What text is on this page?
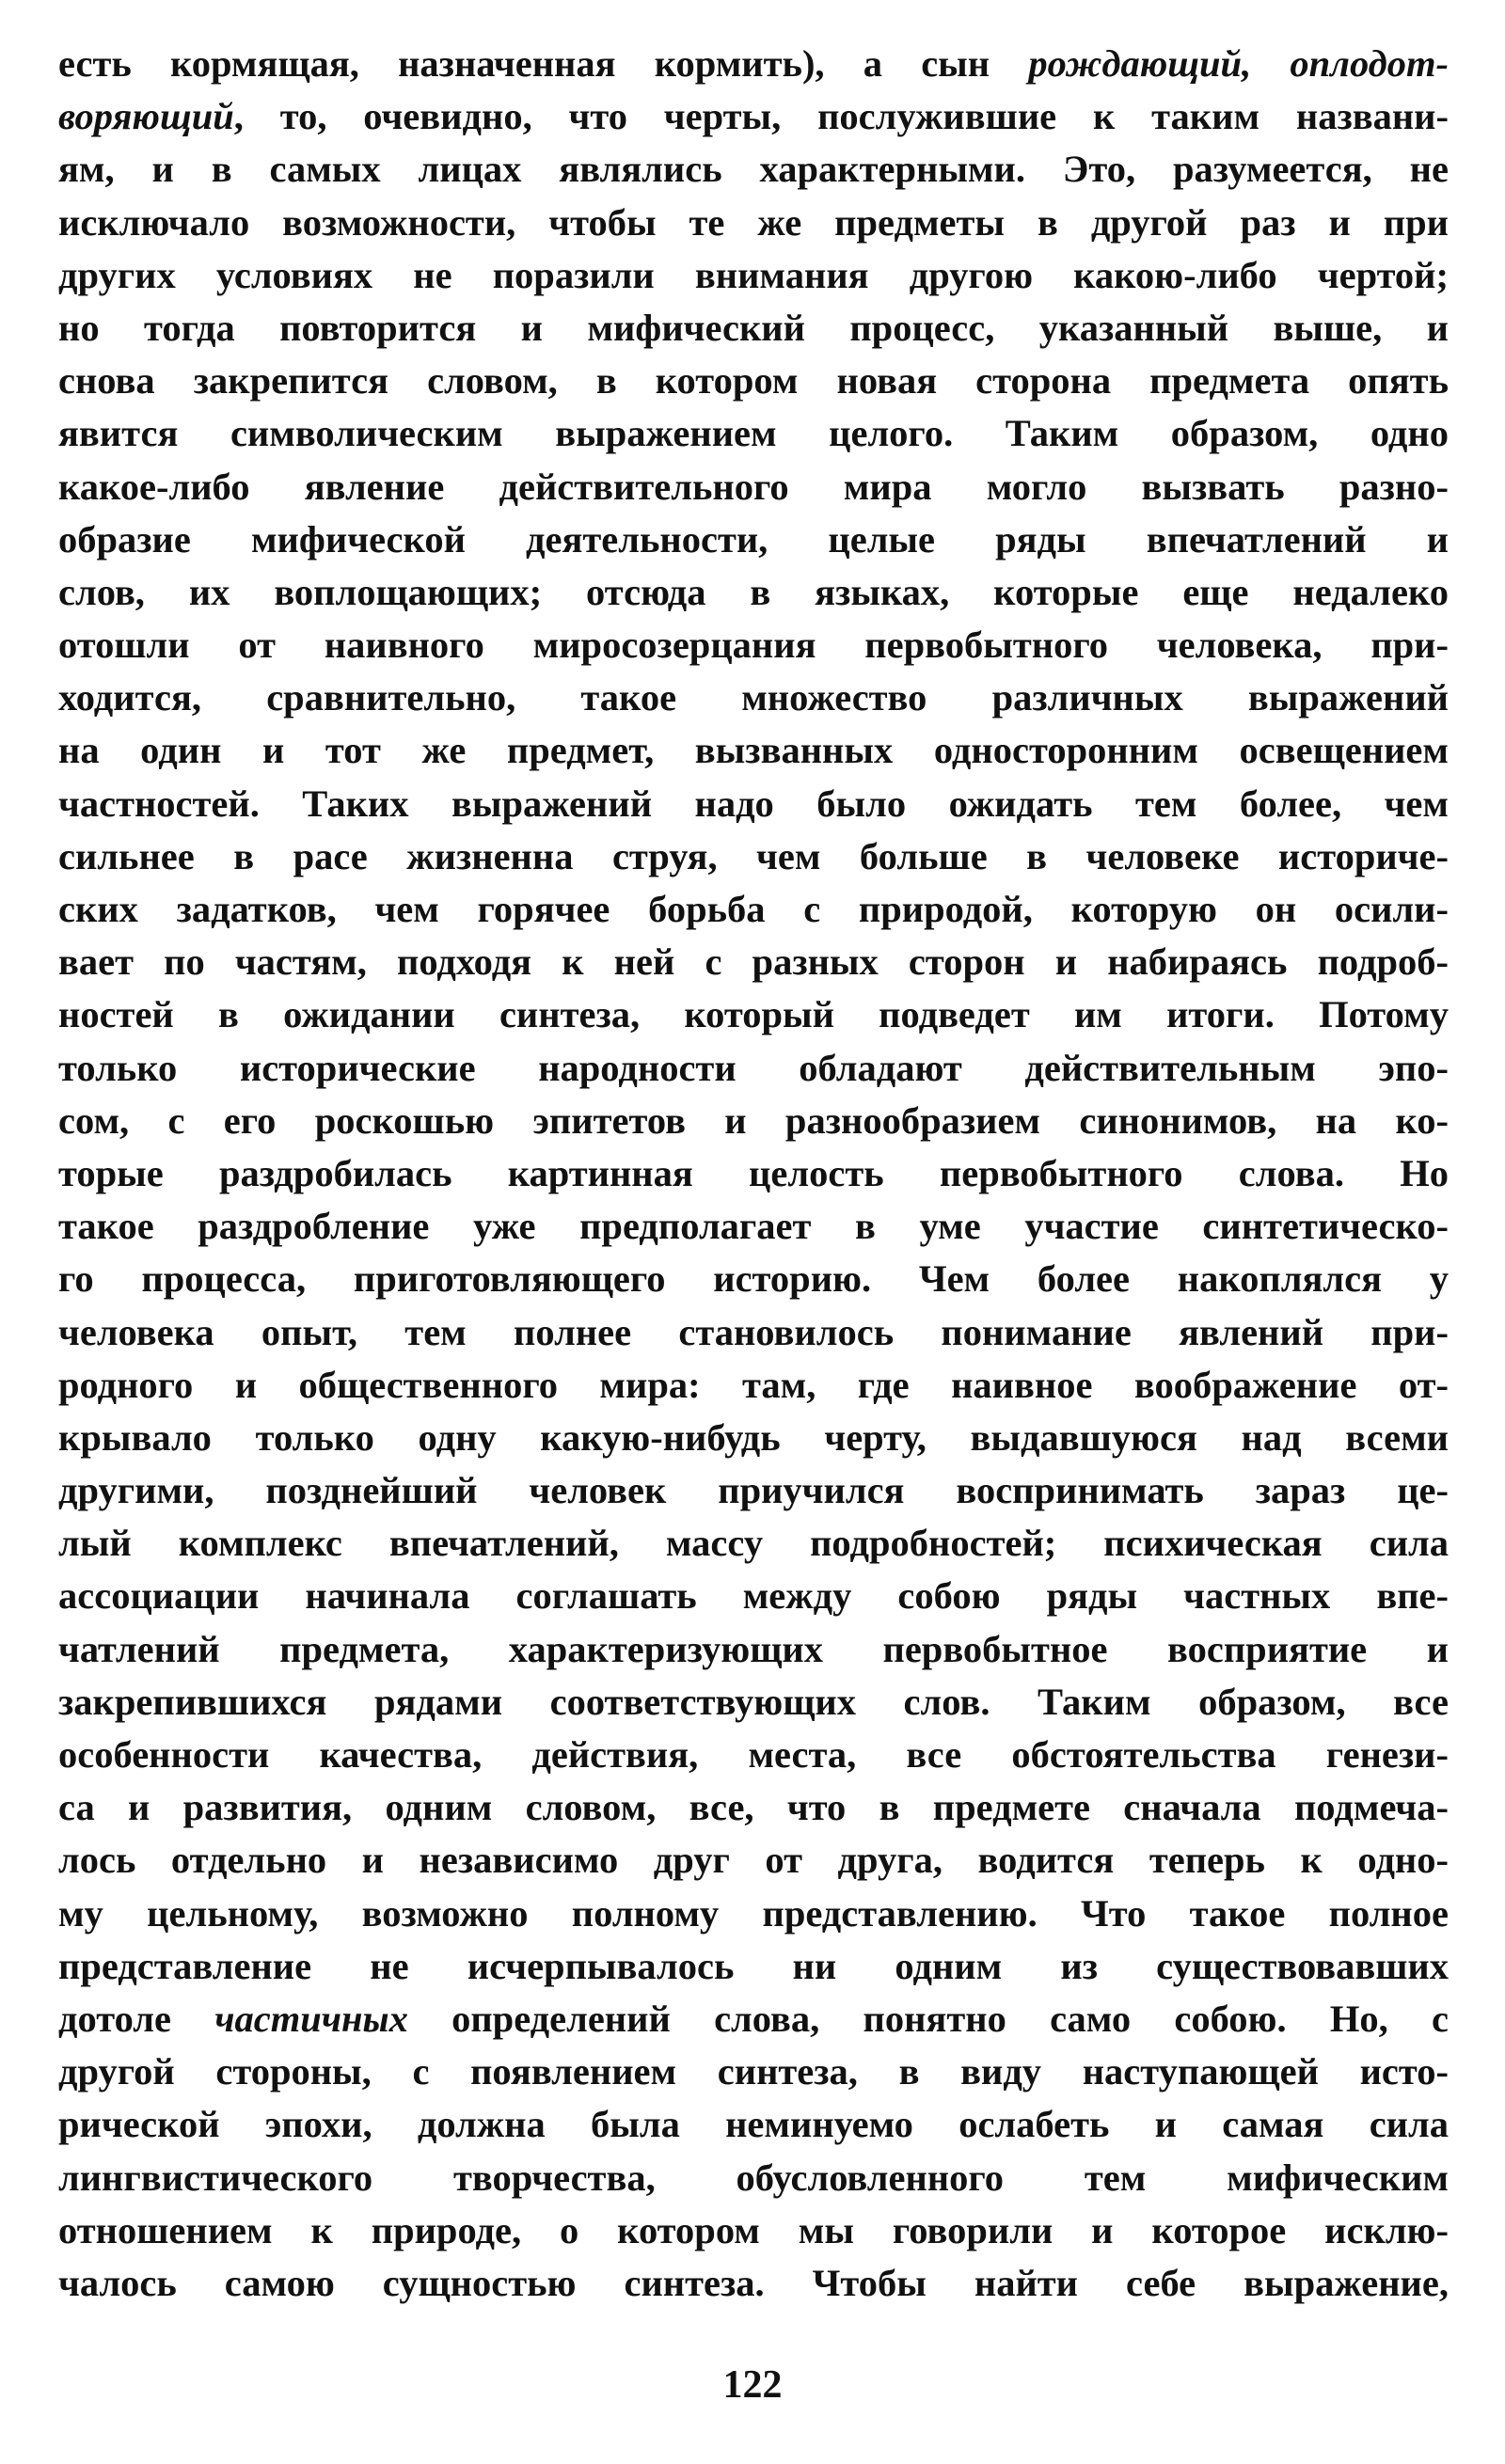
есть кормящая, назначенная кормить), а сын рождающий, оплодот-
воряющий, то, очевидно, что черты, послужившие к таким названи-
ям, и в самых лицах являлись характерными. Это, разумеется, не
исключало возможности, чтобы те же предметы в другой раз и при
других условиях не поразили внимания другою какою-либо чертой;
но тогда повторится и мифический процесс, указанный выше, и
снова закрепится словом, в котором новая сторона предмета опять
явится символическим выражением целого. Таким образом, одно
какое-либо явление действительного мира могло вызвать разно-
образие мифической деятельности, целые ряды впечатлений и
слов, их воплощающих; отсюда в языках, которые еще недалеко
отошли от наивного миросозерцания первобытного человека, при-
ходится, сравнительно, такое множество различных выражений
на один и тот же предмет, вызванных односторонним освещением
частностей. Таких выражений надо было ожидать тем более, чем
сильнее в расе жизненна струя, чем больше в человеке историче-
ских задатков, чем горячее борьба с природой, которую он осили-
вает по частям, подходя к ней с разных сторон и набираясь подроб-
ностей в ожидании синтеза, который подведет им итоги. Потому
только исторические народности обладают действительным эпо-
сом, с его роскошью эпитетов и разнообразием синонимов, на ко-
торые раздробилась картинная целость первобытного слова. Но
такое раздробление уже предполагает в уме участие синтетическо-
го процесса, приготовляющего историю. Чем более накоплялся у
человека опыт, тем полнее становилось понимание явлений при-
родного и общественного мира: там, где наивное воображение от-
крывало только одну какую-нибудь черту, выдавшуюся над всеми
другими, позднейший человек приучился воспринимать зараз це-
лый комплекс впечатлений, массу подробностей; психическая сила
ассоциации начинала соглашать между собою ряды частных впе-
чатлений предмета, характеризующих первобытное восприятие и
закрепившихся рядами соответствующих слов. Таким образом, все
особенности качества, действия, места, все обстоятельства генези-
са и развития, одним словом, все, что в предмете сначала подмеча-
лось отдельно и независимо друг от друга, водится теперь к одно-
му цельному, возможно полному представлению. Что такое полное
представление не исчерпывалось ни одним из существовавших
дотоле частичных определений слова, понятно само собою. Но, с
другой стороны, с появлением синтеза, в виду наступающей исто-
рической эпохи, должна была неминуемо ослабеть и самая сила
лингвистического творчества, обусловленного тем мифическим
отношением к природе, о котором мы говорили и которое исклю-
чалось самою сущностью синтеза. Чтобы найти себе выражение,
122
